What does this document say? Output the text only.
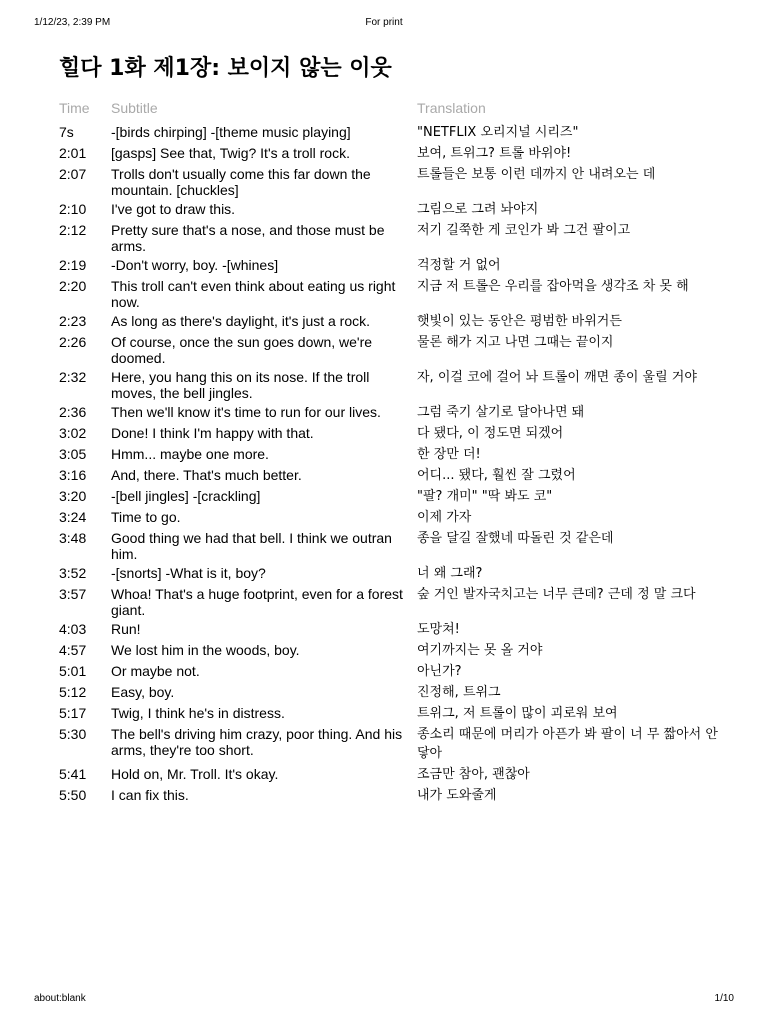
1/12/23, 2:39 PM	For print
힐다 1화 제1장: 보이지 않는 이웃
Time	Subtitle	Translation
7s	-[birds chirping] -[theme music playing]	"NETFLIX 오리지널 시리즈"
2:01	[gasps] See that, Twig? It's a troll rock.	보여, 트위그? 트롤 바위야!
2:07	Trolls don't usually come this far down the mountain. [chuckles]	트롤들은 보통 이런 데까지 안 내려오는 데
2:10	I've got to draw this.	그림으로 그려 놔야지
2:12	Pretty sure that's a nose, and those must be arms.	저기 길쭉한 게 코인가 봐 그건 팔이고
2:19	-Don't worry, boy. -[whines]	걱정할 거 없어
2:20	This troll can't even think about eating us right now.	지금 저 트롤은 우리를 잡아먹을 생각조 차 못 해
2:23	As long as there's daylight, it's just a rock.	햇빛이 있는 동안은 평범한 바위거든
2:26	Of course, once the sun goes down, we're doomed.	물론 해가 지고 나면 그때는 끝이지
2:32	Here, you hang this on its nose. If the troll moves, the bell jingles.	자, 이걸 코에 걸어 놔 트롤이 깨면 종이 울릴 거야
2:36	Then we'll know it's time to run for our lives.	그럼 죽기 살기로 달아나면 돼
3:02	Done! I think I'm happy with that.	다 됐다, 이 정도면 되겠어
3:05	Hmm... maybe one more.	한 장만 더!
3:16	And, there. That's much better.	어디... 됐다, 훨씬 잘 그렸어
3:20	-[bell jingles] -[crackling]	"팔? 개미" "딱 봐도 코"
3:24	Time to go.	이제 가자
3:48	Good thing we had that bell. I think we outran him.	종을 달길 잘했네 따돌린 것 같은데
3:52	-[snorts] -What is it, boy?	너 왜 그래?
3:57	Whoa! That's a huge footprint, even for a forest giant.	숲 거인 발자국치고는 너무 큰데? 근데 정 말 크다
4:03	Run!	도망쳐!
4:57	We lost him in the woods, boy.	여기까지는 못 올 거야
5:01	Or maybe not.	아닌가?
5:12	Easy, boy.	진정해, 트위그
5:17	Twig, I think he's in distress.	트위그, 저 트롤이 많이 괴로워 보여
5:30	The bell's driving him crazy, poor thing. And his arms, they're too short.	종소리 때문에 머리가 아픈가 봐 팔이 너 무 짧아서 안 닿아
5:41	Hold on, Mr. Troll. It's okay.	조금만 참아, 괜찮아
5:50	I can fix this.	내가 도와줄게
about:blank	1/10
